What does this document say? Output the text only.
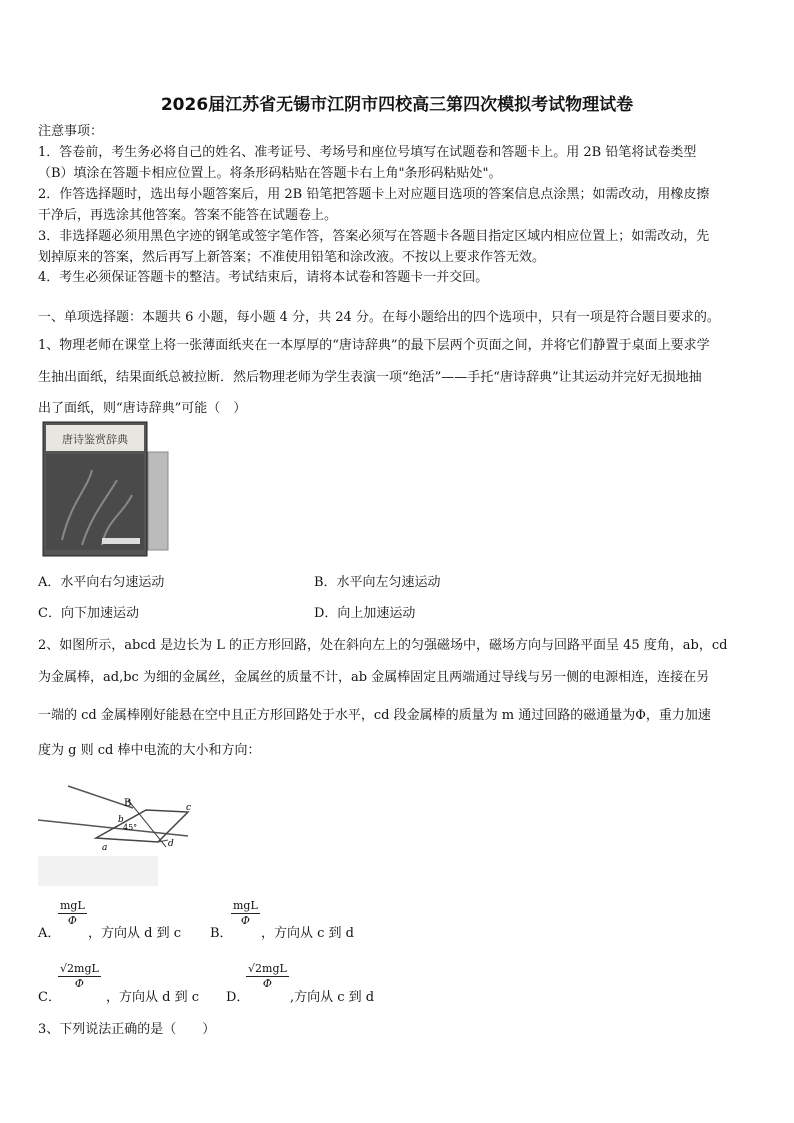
2026届江苏省无锡市江阴市四校高三第四次模拟考试物理试卷
注意事项：
1．答卷前，考生务必将自己的姓名、准考证号、考场号和座位号填写在试题卷和答题卡上。用 2B 铅笔将试卷类型
（B）填涂在答题卡相应位置上。将条形码粘贴在答题卡右上角"条形码粘贴处"。
2．作答选择题时，选出每小题答案后，用 2B 铅笔把答题卡上对应题目选项的答案信息点涂黑；如需改动，用橡皮擦
干净后，再选涂其他答案。答案不能答在试题卷上。
3．非选择题必须用黑色字迹的钢笔或签字笔作答，答案必须写在答题卡各题目指定区域内相应位置上；如需改动，先
划掉原来的答案，然后再写上新答案；不准使用铅笔和涂改液。不按以上要求作答无效。
4．考生必须保证答题卡的整洁。考试结束后，请将本试卷和答题卡一并交回。
一、单项选择题：本题共 6 小题，每小题 4 分，共 24 分。在每小题给出的四个选项中，只有一项是符合题目要求的。
1、物理老师在课堂上将一张薄面纸夹在一本厚厚的“唐诗辞典”的最下层两个页面之间，并将它们静置于桌面上要求学
生抽出面纸，结果面纸总被拉断．然后物理老师为学生表演一项“绝活”——手托“唐诗辞典”让其运动并完好无损地抽
出了面纸，则“唐诗辞典”可能（　）
唐诗鉴赏辞典
A．水平向右匀速运动	B．水平向左匀速运动
C．向下加速运动	D．向上加速运动
2、如图所示，abcd 是边长为 L 的正方形回路，处在斜向左上的匀强磁场中，磁场方向与回路平面呈 45 度角，ab，cd
为金属棒，ad,bc 为细的金属丝，金属丝的质量不计，ab 金属棒固定且两端通过导线与另一侧的电源相连，连接在另
一端的 cd 金属棒刚好能悬在空中且正方形回路处于水平，cd 段金属棒的质量为 m 通过回路的磁通量为Φ，重力加速
度为 g 则 cd 棒中电流的大小和方向：
B
b
45°
c
a	d
A．
mgL
Φ
，方向从 d 到 c B．
mgL
Φ
，方向从 c 到 d
C．
√2mgL
Φ
，方向从 d 到 c D．
√2mgL
Φ
,方向从 c 到 d
3、下列说法正确的是（　　）
